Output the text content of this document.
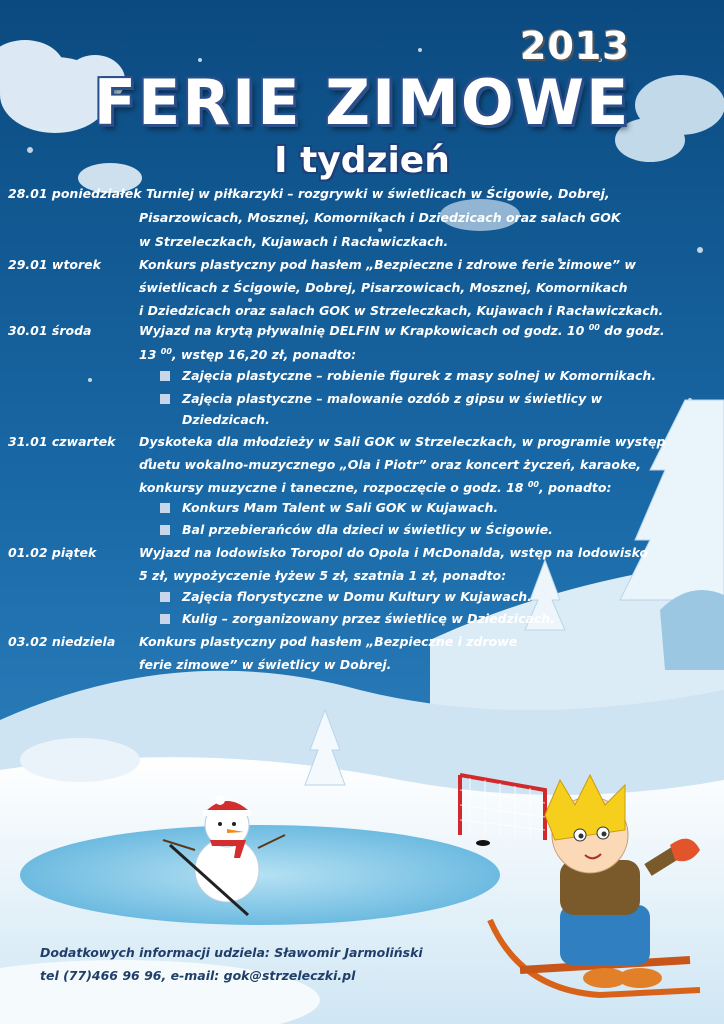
2013
FERIE ZIMOWE
I tydzień
28.01 poniedziałek Turniej w piłkarzyki – rozgrywki w świetlicach w Ścigowie, Dobrej,
Pisarzowicach, Mosznej, Komornikach i Dziedzicach oraz salach GOK
w Strzeleczkach, Kujawach i Racławiczkach.
29.01 wtorek	Konkurs plastyczny pod hasłem „Bezpieczne i zdrowe ferie zimowe” w
świetlicach z Ścigowie, Dobrej, Pisarzowicach, Mosznej, Komornikach
i Dziedzicach oraz salach GOK w Strzeleczkach, Kujawach i Racławiczkach.
30.01 środa	Wyjazd na krytą pływalnię DELFIN w Krapkowicach od godz. 10 $^{00}$ do godz.
13 $^{00}$, wstęp 16,20 zł, ponadto:
Zajęcia plastyczne – robienie figurek z masy solnej w Komornikach.
Zajęcia plastyczne – malowanie ozdób z gipsu w świetlicy w
Dziedzicach.
31.01 czwartek Dyskoteka dla młodzieży w Sali GOK w Strzeleczkach, w programie występ
duetu wokalno-muzycznego „Ola i Piotr” oraz koncert życzeń, karaoke,
konkursy muzyczne i taneczne, rozpoczęcie o godz. 18 $^{00}$, ponadto:
Konkurs Mam Talent w Sali GOK w Kujawach.
Bal przebierańców dla dzieci w świetlicy w Ścigowie.
01.02 piątek	Wyjazd na lodowisko Toropol do Opola i McDonalda, wstęp na lodowisko
5 zł, wypożyczenie łyżew 5 zł, szatnia 1 zł, ponadto:
Zajęcia florystyczne w Domu Kultury w Kujawach.
Kulig – zorganizowany przez świetlicę w Dziedzicach.
03.02 niedziela Konkurs plastyczny pod hasłem „Bezpieczne i zdrowe
ferie zimowe” w świetlicy w Dobrej.
Dodatkowych informacji udziela: Sławomir Jarmoliński
tel (77)466 96 96, e-mail: gok@strzeleczki.pl
